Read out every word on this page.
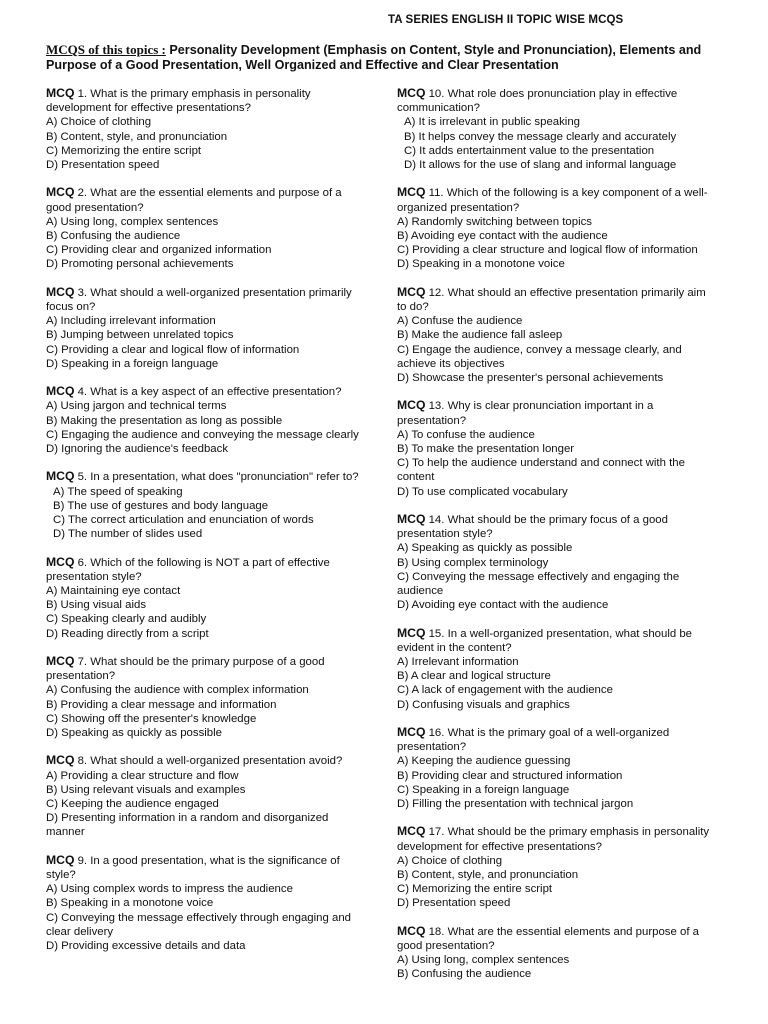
TA SERIES ENGLISH II TOPIC WISE MCQS
MCQS of this topics : Personality Development (Emphasis on Content, Style and Pronunciation), Elements and Purpose of a Good Presentation, Well Organized and Effective and Clear Presentation
MCQ 1. What is the primary emphasis in personality development for effective presentations?
A) Choice of clothing
B) Content, style, and pronunciation
C) Memorizing the entire script
D) Presentation speed
MCQ 2. What are the essential elements and purpose of a good presentation?
A) Using long, complex sentences
B) Confusing the audience
C) Providing clear and organized information
D) Promoting personal achievements
MCQ 3. What should a well-organized presentation primarily focus on?
A) Including irrelevant information
B) Jumping between unrelated topics
C) Providing a clear and logical flow of information
D) Speaking in a foreign language
MCQ 4. What is a key aspect of an effective presentation?
A) Using jargon and technical terms
B) Making the presentation as long as possible
C) Engaging the audience and conveying the message clearly
D) Ignoring the audience's feedback
MCQ 5. In a presentation, what does "pronunciation" refer to?
A) The speed of speaking
B) The use of gestures and body language
C) The correct articulation and enunciation of words
D) The number of slides used
MCQ 6. Which of the following is NOT a part of effective presentation style?
A) Maintaining eye contact
B) Using visual aids
C) Speaking clearly and audibly
D) Reading directly from a script
MCQ 7. What should be the primary purpose of a good presentation?
A) Confusing the audience with complex information
B) Providing a clear message and information
C) Showing off the presenter's knowledge
D) Speaking as quickly as possible
MCQ 8. What should a well-organized presentation avoid?
A) Providing a clear structure and flow
B) Using relevant visuals and examples
C) Keeping the audience engaged
D) Presenting information in a random and disorganized manner
MCQ 9. In a good presentation, what is the significance of style?
A) Using complex words to impress the audience
B) Speaking in a monotone voice
C) Conveying the message effectively through engaging and clear delivery
D) Providing excessive details and data
MCQ 10. What role does pronunciation play in effective communication?
A) It is irrelevant in public speaking
B) It helps convey the message clearly and accurately
C) It adds entertainment value to the presentation
D) It allows for the use of slang and informal language
MCQ 11. Which of the following is a key component of a well-organized presentation?
A) Randomly switching between topics
B) Avoiding eye contact with the audience
C) Providing a clear structure and logical flow of information
D) Speaking in a monotone voice
MCQ 12. What should an effective presentation primarily aim to do?
A) Confuse the audience
B) Make the audience fall asleep
C) Engage the audience, convey a message clearly, and achieve its objectives
D) Showcase the presenter's personal achievements
MCQ 13. Why is clear pronunciation important in a presentation?
A) To confuse the audience
B) To make the presentation longer
C) To help the audience understand and connect with the content
D) To use complicated vocabulary
MCQ 14. What should be the primary focus of a good presentation style?
A) Speaking as quickly as possible
B) Using complex terminology
C) Conveying the message effectively and engaging the audience
D) Avoiding eye contact with the audience
MCQ 15. In a well-organized presentation, what should be evident in the content?
A) Irrelevant information
B) A clear and logical structure
C) A lack of engagement with the audience
D) Confusing visuals and graphics
MCQ 16. What is the primary goal of a well-organized presentation?
A) Keeping the audience guessing
B) Providing clear and structured information
C) Speaking in a foreign language
D) Filling the presentation with technical jargon
MCQ 17. What should be the primary emphasis in personality development for effective presentations?
A) Choice of clothing
B) Content, style, and pronunciation
C) Memorizing the entire script
D) Presentation speed
MCQ 18. What are the essential elements and purpose of a good presentation?
A) Using long, complex sentences
B) Confusing the audience
